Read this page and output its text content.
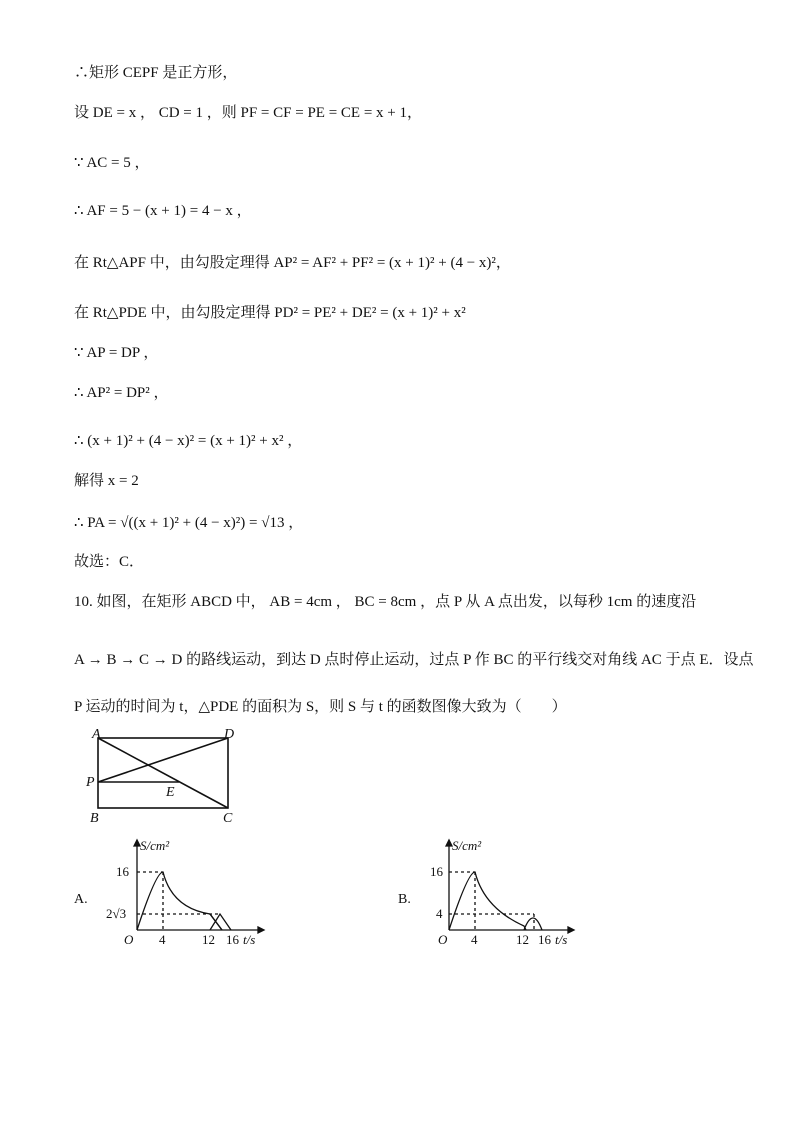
∴矩形 CEPF 是正方形，
设 DE = x ， CD = 1 ，则 PF = CF = PE = CE = x + 1，
∵ AC = 5 ，
∴ AF = 5 − (x + 1) = 4 − x ，
在 Rt△APF 中，由勾股定理得 AP² = AF² + PF² = (x + 1)² + (4 − x)²，
在 Rt△PDE 中，由勾股定理得 PD² = PE² + DE² = (x + 1)² + x²
∵ AP = DP ，
∴ AP² = DP² ，
∴ (x + 1)² + (4 − x)² = (x + 1)² + x² ，
解得 x = 2
∴ PA = √((x + 1)² + (4 − x)²) = √13 ，
故选：C．
10. 如图，在矩形 ABCD 中， AB = 4cm ， BC = 8cm ，点 P 从 A 点出发，以每秒 1cm 的速度沿
A → B → C → D 的路线运动，到达 D 点时停止运动，过点 P 作 BC 的平行线交对角线 AC 于点 E．设点
P 运动的时间为 t，△PDE 的面积为 S，则 S 与 t 的函数图像大致为（　　）
A	D
P
E
B	C
A.
S/cm²
16
2√3
O 4	12 16 t/s
B.
S/cm²
16
4
O 4	12 16 t/s
